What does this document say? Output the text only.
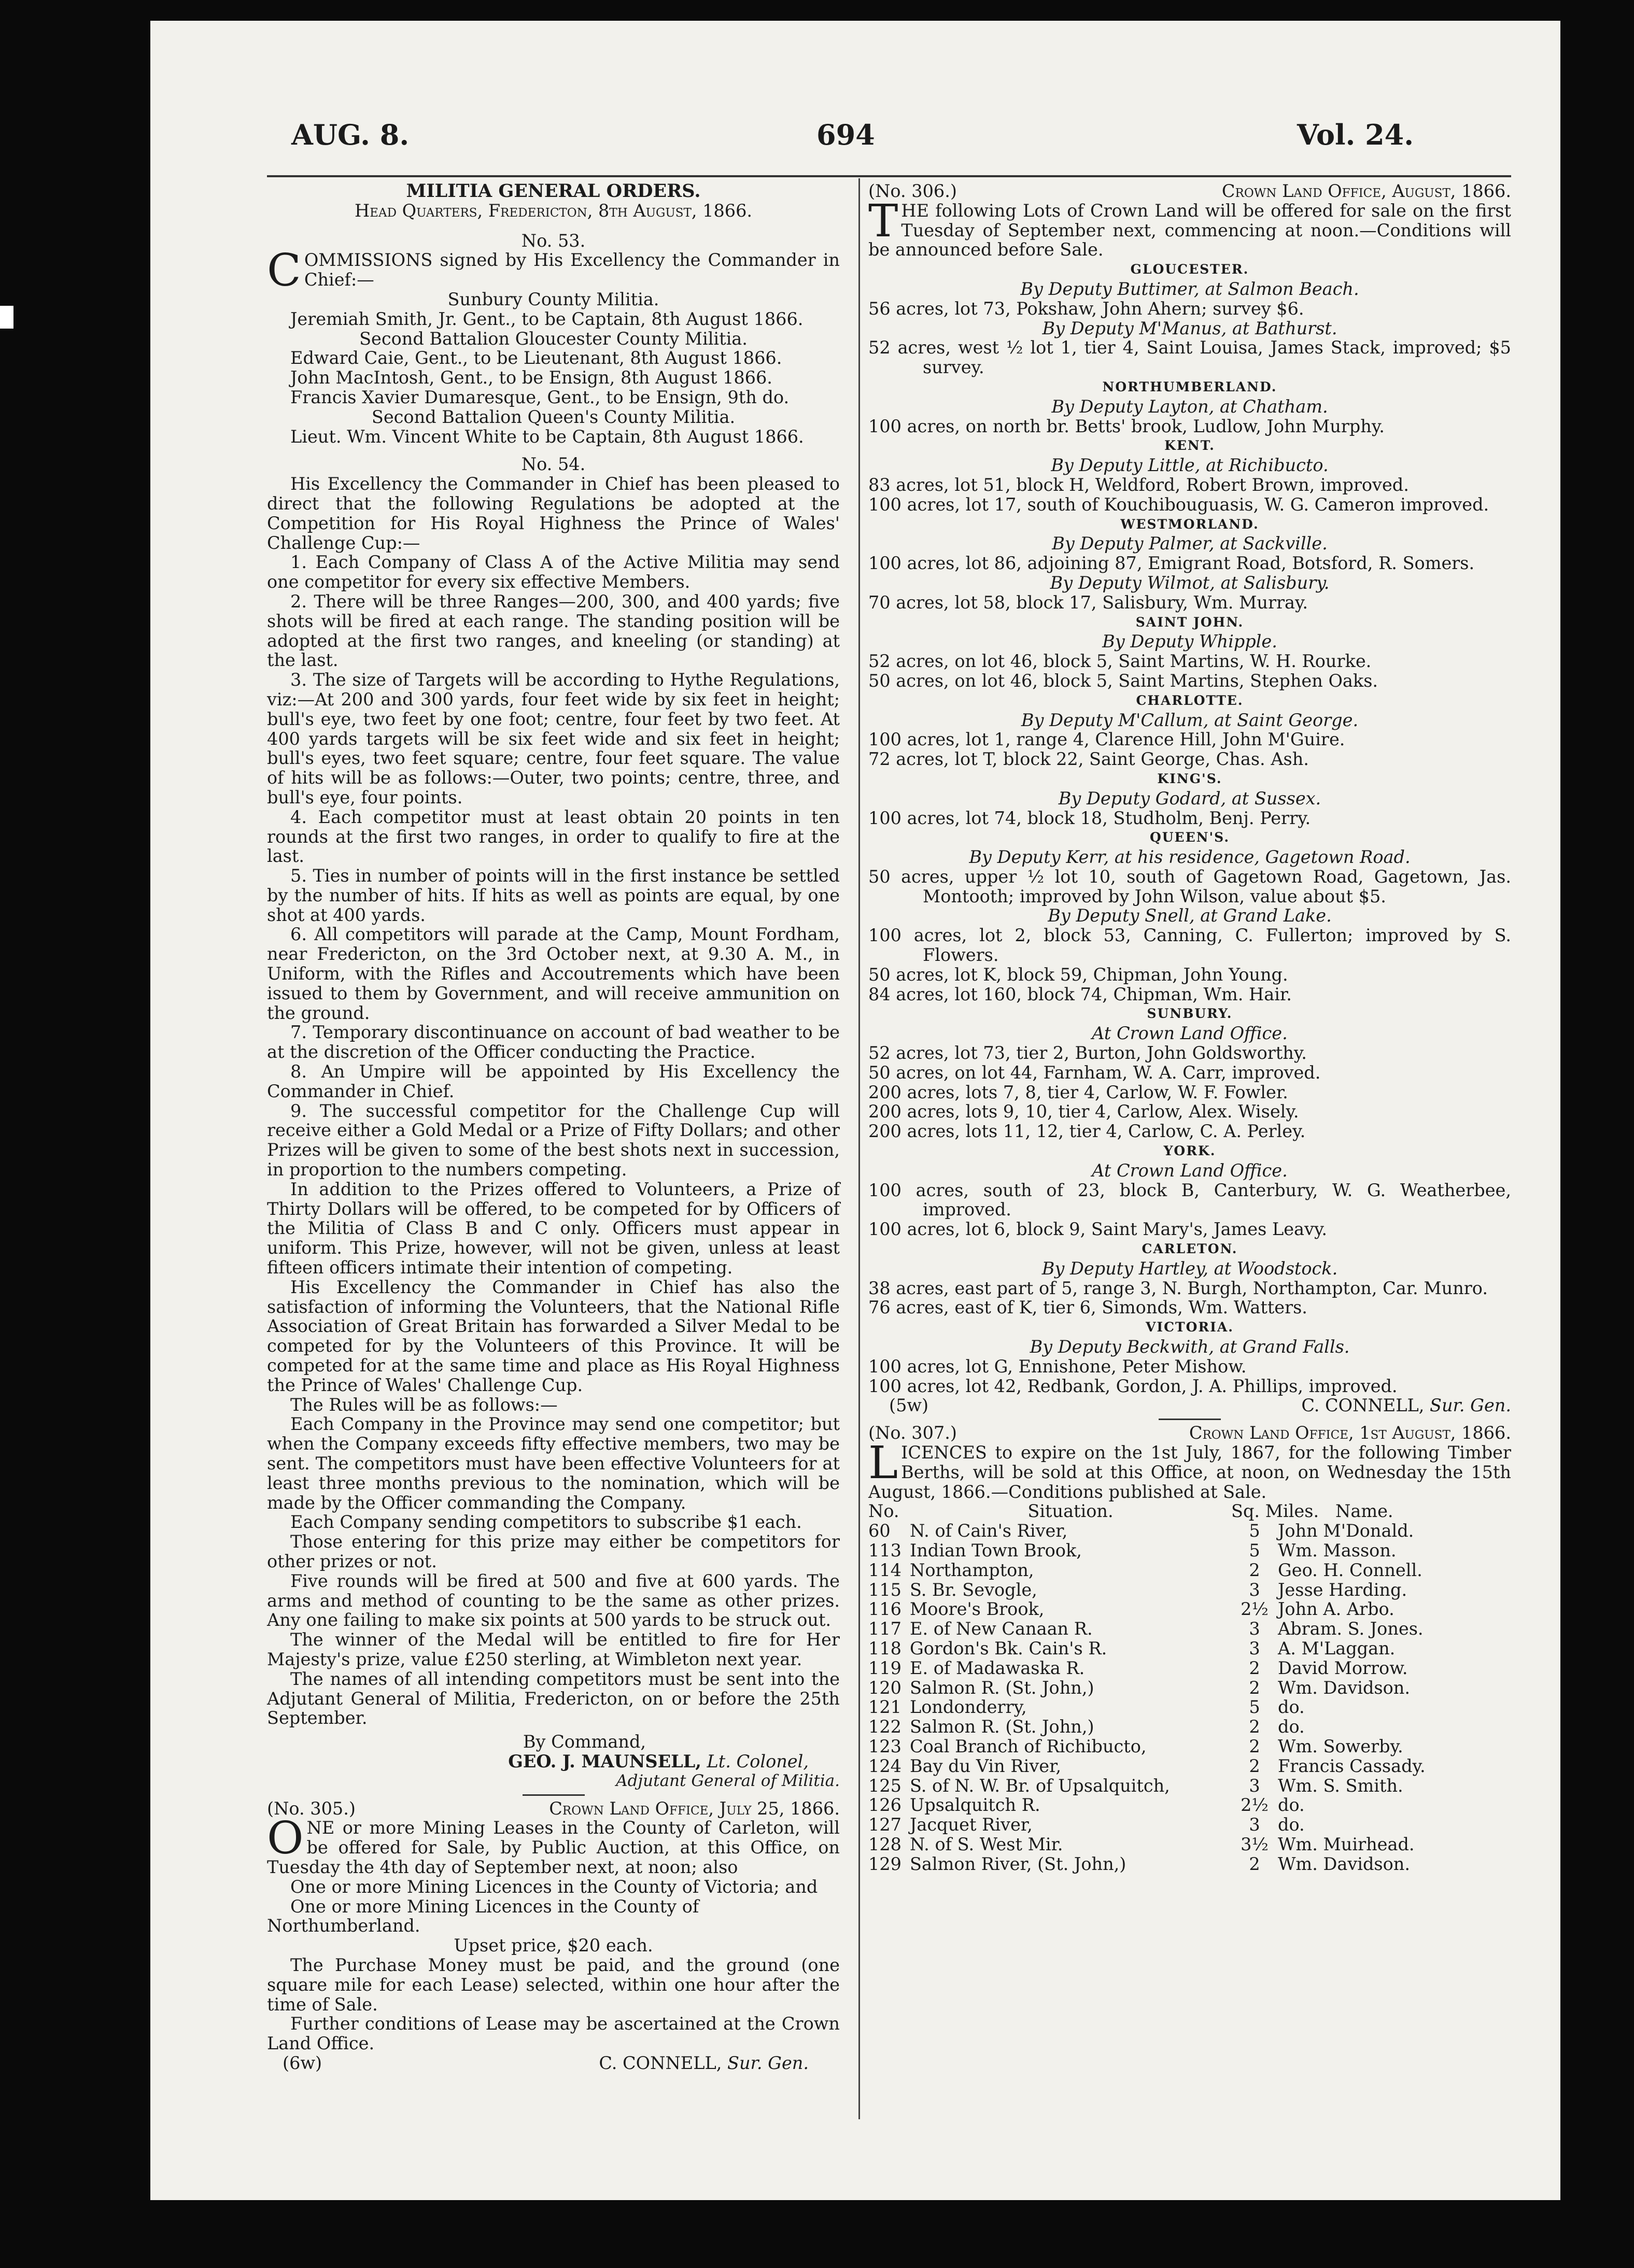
AUG. 8.	694	Vol. 24.

MILITIA GENERAL ORDERS.

Head Quarters, Fredericton, 8th August, 1866.

No. 53.

COMMISSIONS signed by His Excellency the Commander in Chief:—

Sunbury County Militia.

Jeremiah Smith, Jr. Gent., to be Captain, 8th August 1866.

Second Battalion Gloucester County Militia.

Edward Caie, Gent., to be Lieutenant, 8th August 1866.

John MacIntosh, Gent., to be Ensign, 8th August 1866.

Francis Xavier Dumaresque, Gent., to be Ensign, 9th do.

Second Battalion Queen's County Militia.

Lieut. Wm. Vincent White to be Captain, 8th August 1866.

No. 54.

His Excellency the Commander in Chief has been pleased to direct that the following Regulations be adopted at the Competition for His Royal Highness the Prince of Wales' Challenge Cup:—

1. Each Company of Class A of the Active Militia may send one competitor for every six effective Members.

2. There will be three Ranges—200, 300, and 400 yards; five shots will be fired at each range. The standing position will be adopted at the first two ranges, and kneeling (or standing) at the last.

3. The size of Targets will be according to Hythe Regulations, viz:—At 200 and 300 yards, four feet wide by six feet in height; bull's eye, two feet by one foot; centre, four feet by two feet. At 400 yards targets will be six feet wide and six feet in height; bull's eyes, two feet square; centre, four feet square. The value of hits will be as follows:—Outer, two points; centre, three, and bull's eye, four points.

4. Each competitor must at least obtain 20 points in ten rounds at the first two ranges, in order to qualify to fire at the last.

5. Ties in number of points will in the first instance be settled by the number of hits. If hits as well as points are equal, by one shot at 400 yards.

6. All competitors will parade at the Camp, Mount Fordham, near Fredericton, on the 3rd October next, at 9.30 A. M., in Uniform, with the Rifles and Accoutrements which have been issued to them by Government, and will receive ammunition on the ground.

7. Temporary discontinuance on account of bad weather to be at the discretion of the Officer conducting the Practice.

8. An Umpire will be appointed by His Excellency the Commander in Chief.

9. The successful competitor for the Challenge Cup will receive either a Gold Medal or a Prize of Fifty Dollars; and other Prizes will be given to some of the best shots next in succession, in proportion to the numbers competing.

In addition to the Prizes offered to Volunteers, a Prize of Thirty Dollars will be offered, to be competed for by Officers of the Militia of Class B and C only. Officers must appear in uniform. This Prize, however, will not be given, unless at least fifteen officers intimate their intention of competing.

His Excellency the Commander in Chief has also the satisfaction of informing the Volunteers, that the National Rifle Association of Great Britain has forwarded a Silver Medal to be competed for by the Volunteers of this Province. It will be competed for at the same time and place as His Royal Highness the Prince of Wales' Challenge Cup.

The Rules will be as follows:—

Each Company in the Province may send one competitor; but when the Company exceeds fifty effective members, two may be sent. The competitors must have been effective Volunteers for at least three months previous to the nomination, which will be made by the Officer commanding the Company.

Each Company sending competitors to subscribe $1 each.

Those entering for this prize may either be competitors for other prizes or not.

Five rounds will be fired at 500 and five at 600 yards. The arms and method of counting to be the same as other prizes. Any one failing to make six points at 500 yards to be struck out.

The winner of the Medal will be entitled to fire for Her Majesty's prize, value £250 sterling, at Wimbleton next year.

The names of all intending competitors must be sent into the Adjutant General of Militia, Fredericton, on or before the 25th September.

By Command,

GEO. J. MAUNSELL, Lt. Colonel,

Adjutant General of Militia.

(No. 305.)	Crown Land Office, July 25, 1866.

ONE or more Mining Leases in the County of Carleton, will be offered for Sale, by Public Auction, at this Office, on Tuesday the 4th day of September next, at noon; also

One or more Mining Licences in the County of Victoria; and

One or more Mining Licences in the County of Northumberland.

Upset price, $20 each.

The Purchase Money must be paid, and the ground (one square mile for each Lease) selected, within one hour after the time of Sale.

Further conditions of Lease may be ascertained at the Crown Land Office.

(6w)	C. CONNELL, Sur. Gen.
(No. 306.)	Crown Land Office, August, 1866.

THE following Lots of Crown Land will be offered for sale on the first Tuesday of September next, commencing at noon.—Conditions will be announced before Sale.

GLOUCESTER.

By Deputy Buttimer, at Salmon Beach.

56 acres, lot 73, Pokshaw, John Ahern; survey $6.

By Deputy M'Manus, at Bathurst.

52 acres, west ½ lot 1, tier 4, Saint Louisa, James Stack, improved; $5 survey.

NORTHUMBERLAND.

By Deputy Layton, at Chatham.

100 acres, on north br. Betts' brook, Ludlow, John Murphy.

KENT.

By Deputy Little, at Richibucto.

83 acres, lot 51, block H, Weldford, Robert Brown, improved.

100 acres, lot 17, south of Kouchibouguasis, W. G. Cameron improved.

WESTMORLAND.

By Deputy Palmer, at Sackville.

100 acres, lot 86, adjoining 87, Emigrant Road, Botsford, R. Somers.

By Deputy Wilmot, at Salisbury.

70 acres, lot 58, block 17, Salisbury, Wm. Murray.

SAINT JOHN.

By Deputy Whipple.

52 acres, on lot 46, block 5, Saint Martins, W. H. Rourke.

50 acres, on lot 46, block 5, Saint Martins, Stephen Oaks.

CHARLOTTE.

By Deputy M'Callum, at Saint George.

100 acres, lot 1, range 4, Clarence Hill, John M'Guire.

72 acres, lot T, block 22, Saint George, Chas. Ash.

KING'S.

By Deputy Godard, at Sussex.

100 acres, lot 74, block 18, Studholm, Benj. Perry.

QUEEN'S.

By Deputy Kerr, at his residence, Gagetown Road.

50 acres, upper ½ lot 10, south of Gagetown Road, Gagetown, Jas. Montooth; improved by John Wilson, value about $5.

By Deputy Snell, at Grand Lake.

100 acres, lot 2, block 53, Canning, C. Fullerton; improved by S. Flowers.

50 acres, lot K, block 59, Chipman, John Young.

84 acres, lot 160, block 74, Chipman, Wm. Hair.

SUNBURY.

At Crown Land Office.

52 acres, lot 73, tier 2, Burton, John Goldsworthy.

50 acres, on lot 44, Farnham, W. A. Carr, improved.

200 acres, lots 7, 8, tier 4, Carlow, W. F. Fowler.

200 acres, lots 9, 10, tier 4, Carlow, Alex. Wisely.

200 acres, lots 11, 12, tier 4, Carlow, C. A. Perley.

YORK.

At Crown Land Office.

100 acres, south of 23, block B, Canterbury, W. G. Weatherbee, improved.

100 acres, lot 6, block 9, Saint Mary's, James Leavy.

CARLETON.

By Deputy Hartley, at Woodstock.

38 acres, east part of 5, range 3, N. Burgh, Northampton, Car. Munro.

76 acres, east of K, tier 6, Simonds, Wm. Watters.

VICTORIA.

By Deputy Beckwith, at Grand Falls.

100 acres, lot G, Ennishone, Peter Mishow.

100 acres, lot 42, Redbank, Gordon, J. A. Phillips, improved.

(5w)	C. CONNELL, Sur. Gen.
(No. 307.)	Crown Land Office, 1st August, 1866.

LICENCES to expire on the 1st July, 1867, for the following Timber Berths, will be sold at this Office, at noon, on Wednesday the 15th August, 1866.—Conditions published at Sale.

No.	Situation.	Sq. Miles. Name.	
60	N. of Cain's River,	5	John M'Donald.
113	Indian Town Brook,	5	Wm. Masson.
114	Northampton,	2	Geo. H. Connell.
115	S. Br. Sevogle,	3	Jesse Harding.
116	Moore's Brook,	2½	John A. Arbo.
117	E. of New Canaan R.	3	Abram. S. Jones.
118	Gordon's Bk. Cain's R.	3	A. M'Laggan.
119	E. of Madawaska R.	2	David Morrow.
120	Salmon R. (St. John,)	2	Wm. Davidson.
121	Londonderry,	5	do.
122	Salmon R. (St. John,)	2	do.
123	Coal Branch of Richibucto,	2	Wm. Sowerby.
124	Bay du Vin River,	2	Francis Cassady.
125	S. of N. W. Br. of Upsalquitch,	3	Wm. S. Smith.
126	Upsalquitch R.	2½	do.
127	Jacquet River,	3	do.
128	N. of S. West Mir.	3½	Wm. Muirhead.
129	Salmon River, (St. John,)	2	Wm. Davidson.
